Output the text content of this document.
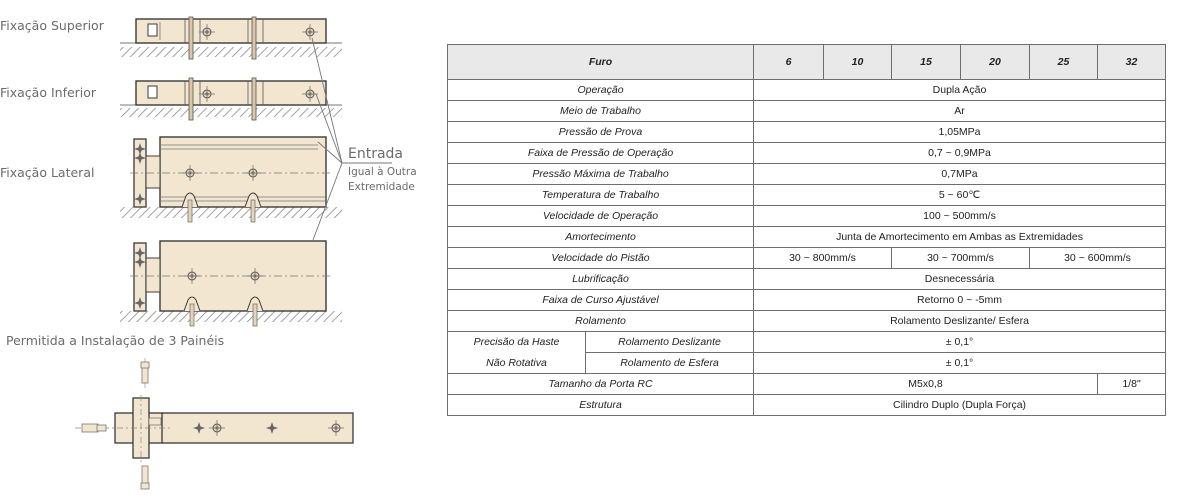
Fixação Superior
Fixação Inferior
Fixação Lateral
Entrada
Igual à Outra
Extremidade
Permitida a Instalação de 3 Painéis
Furo		6	10	15	20	25	32
Operação		Dupla Ação					
Meio de Trabalho		Ar					
Pressão de Prova		1,05MPa					
Faixa de Pressão de Operação		0,7 ~ 0,9MPa					
Pressão Máxima de Trabalho		0,7MPa					
Temperatura de Trabalho		5 ~ 60℃					
Velocidade de Operação		100 ~ 500mm/s					
Amortecimento		Junta de Amortecimento em Ambas as Extremidades					
Velocidade do Pistão		30 ~ 800mm/s		30 ~ 700mm/s		30 ~ 600mm/s	
Lubrificação		Desnecessária					
Faixa de Curso Ajustável		Retorno 0 ~ -5mm					
Rolamento		Rolamento Deslizante/ Esfera					
Precisão da Haste	Rolamento Deslizante	± 0,1°					
Não Rotativa	Rolamento de Esfera	± 0,1°					
Tamanho da Porta RC		M5x0,8					1/8"
Estrutura		Cilindro Duplo (Dupla Força)					
